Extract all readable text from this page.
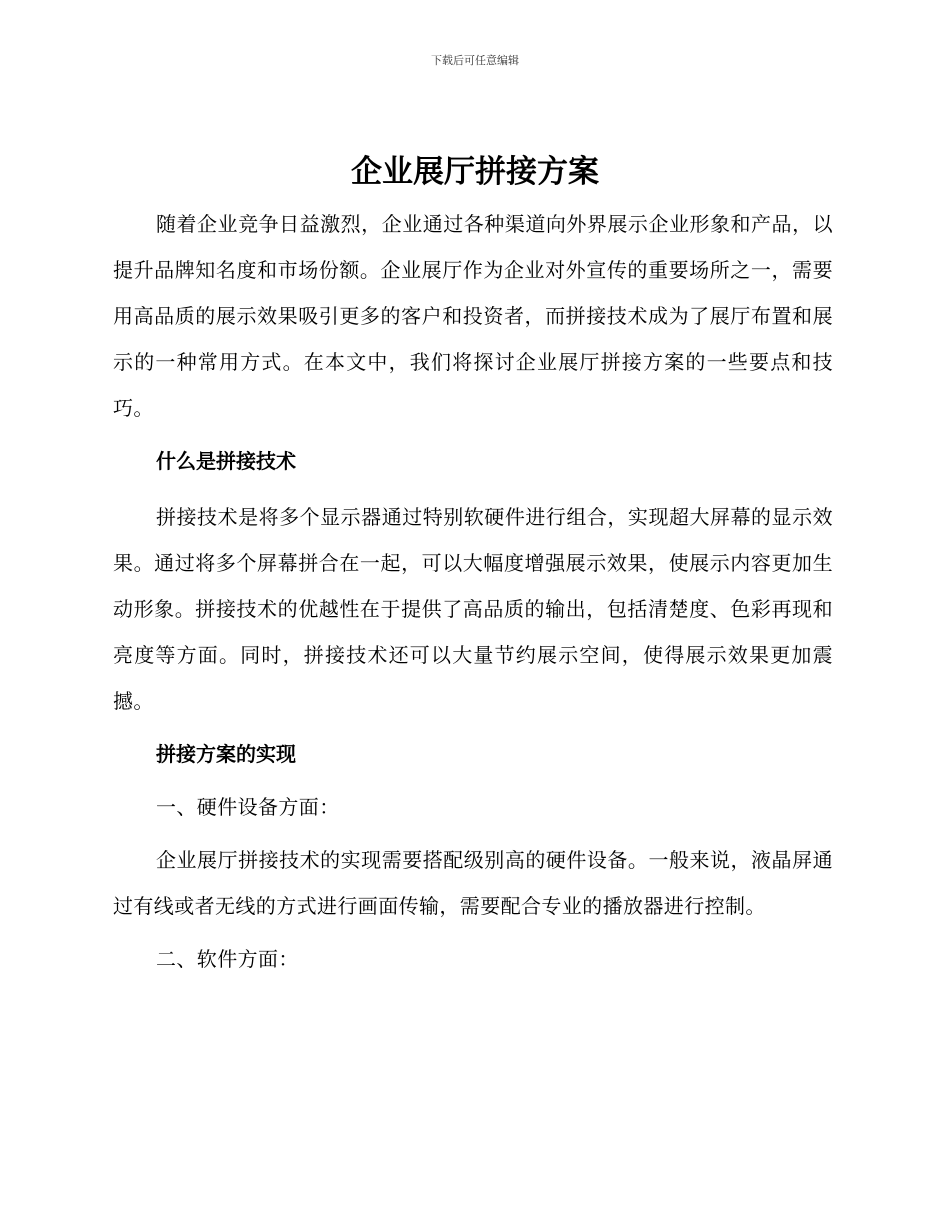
下载后可任意编辑
企业展厅拼接方案

随着企业竞争日益激烈，企业通过各种渠道向外界展示企业形象和产品，以提升品牌知名度和市场份额。企业展厅作为企业对外宣传的重要场所之一，需要用高品质的展示效果吸引更多的客户和投资者，而拼接技术成为了展厅布置和展示的一种常用方式。在本文中，我们将探讨企业展厅拼接方案的一些要点和技巧。

什么是拼接技术

拼接技术是将多个显示器通过特别软硬件进行组合，实现超大屏幕的显示效果。通过将多个屏幕拼合在一起，可以大幅度增强展示效果，使展示内容更加生动形象。拼接技术的优越性在于提供了高品质的输出，包括清楚度、色彩再现和亮度等方面。同时，拼接技术还可以大量节约展示空间，使得展示效果更加震撼。

拼接方案的实现

一、硬件设备方面：

企业展厅拼接技术的实现需要搭配级别高的硬件设备。一般来说，液晶屏通过有线或者无线的方式进行画面传输，需要配合专业的播放器进行控制。

二、软件方面：
